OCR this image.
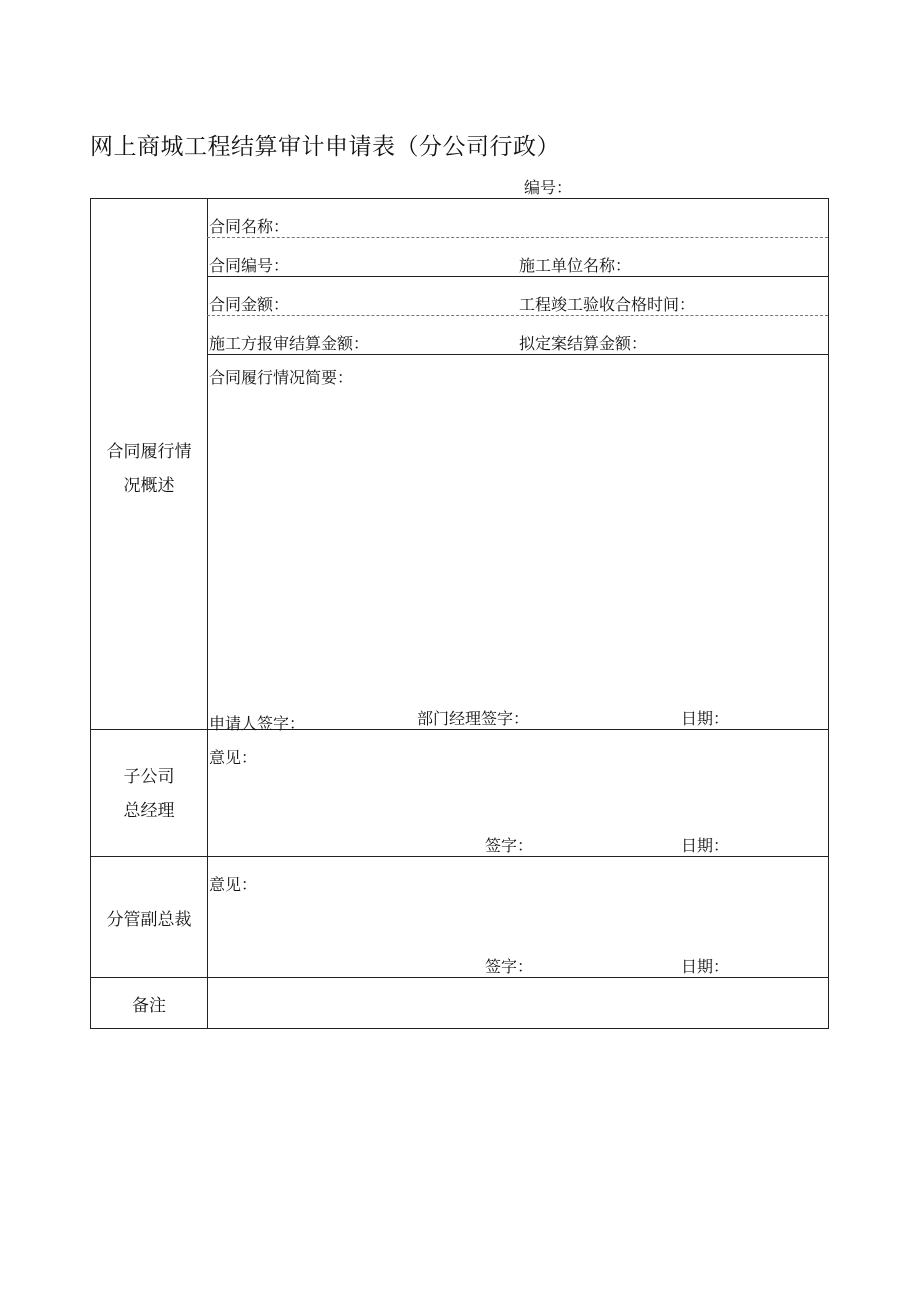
网上商城工程结算审计申请表（分公司行政）
编号：
合同履行情
况概述
合同名称：
合同编号：	施工单位名称：
合同金额：	工程竣工验收合格时间：
施工方报审结算金额：	拟定案结算金额：
合同履行情况简要：
申请人签字：	部门经理签字：	日期：
子公司
总经理
意见：
签字：	日期：
分管副总裁
意见：
签字：	日期：
备注
